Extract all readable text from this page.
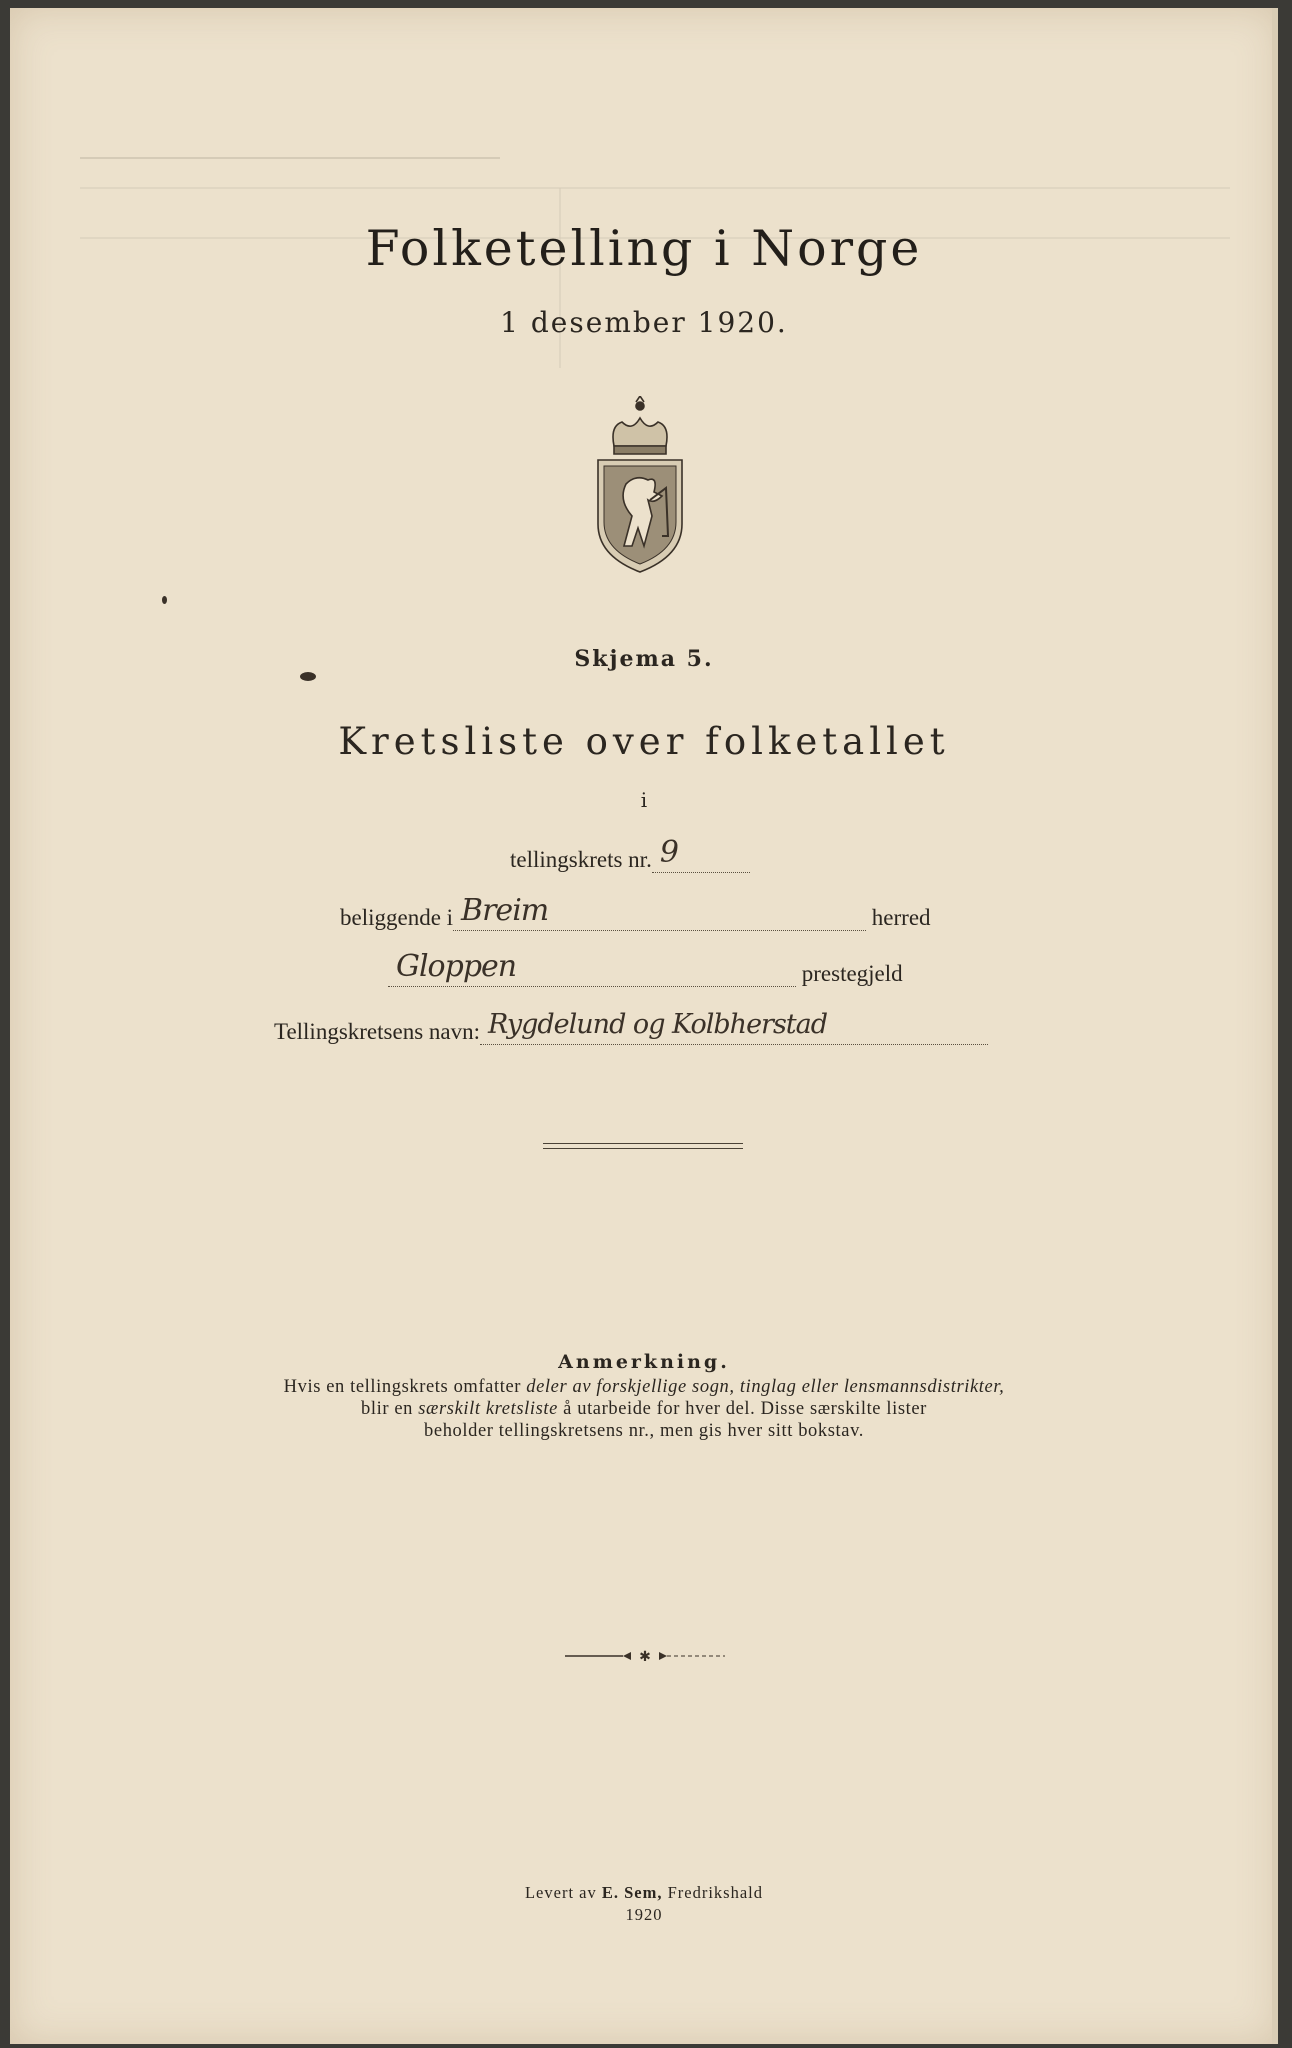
Folketelling i Norge
1 desember 1920.
Skjema 5.
Kretsliste over folketallet
i
tellingskrets nr. 9
beliggende i Breim	herred
Gloppen	prestegjeld
Tellingskretsens navn: Rygdelund og Kolbherstad
Anmerkning.
Hvis en tellingskrets omfatter deler av forskjellige sogn, tinglag eller lensmannsdistrikter,
blir en særskilt kretsliste å utarbeide for hver del. Disse særskilte lister
beholder tellingskretsens nr., men gis hver sitt bokstav.
✱
Levert av E. Sem, Fredrikshald
1920
